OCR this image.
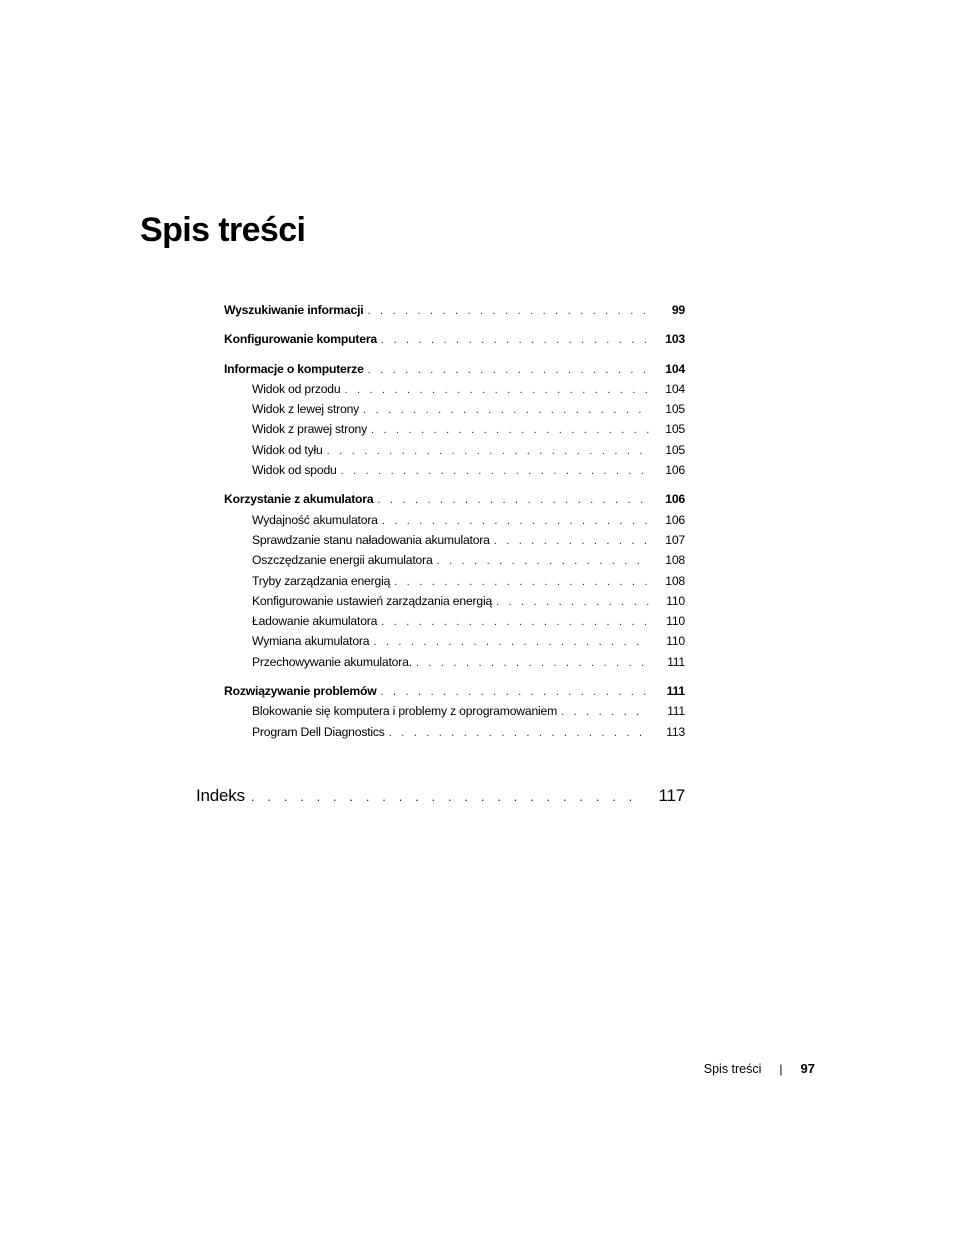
Spis treści
Wyszukiwanie informacji . . .	99
Konfigurowanie komputera . . .	103
Informacje o komputerze . . .	104
Widok od przodu . . .	104
Widok z lewej strony . . .	105
Widok z prawej strony . . .	105
Widok od tyłu . . .	105
Widok od spodu . . .	106
Korzystanie z akumulatora . . .	106
Wydajność akumulatora . . .	106
Sprawdzanie stanu naładowania akumulatora . . .	107
Oszczędzanie energii akumulatora . . .	108
Tryby zarządzania energią . . .	108
Konfigurowanie ustawień zarządzania energią . . .	110
Ładowanie akumulatora . . .	110
Wymiana akumulatora . . .	110
Przechowywanie akumulatora. . . .	111
Rozwiązywanie problemów . . .	111
Blokowanie się komputera i problemy z oprogramowaniem . . .	111
Program Dell Diagnostics . . .	113
Indeks . . .	117
Spis treści | 97
